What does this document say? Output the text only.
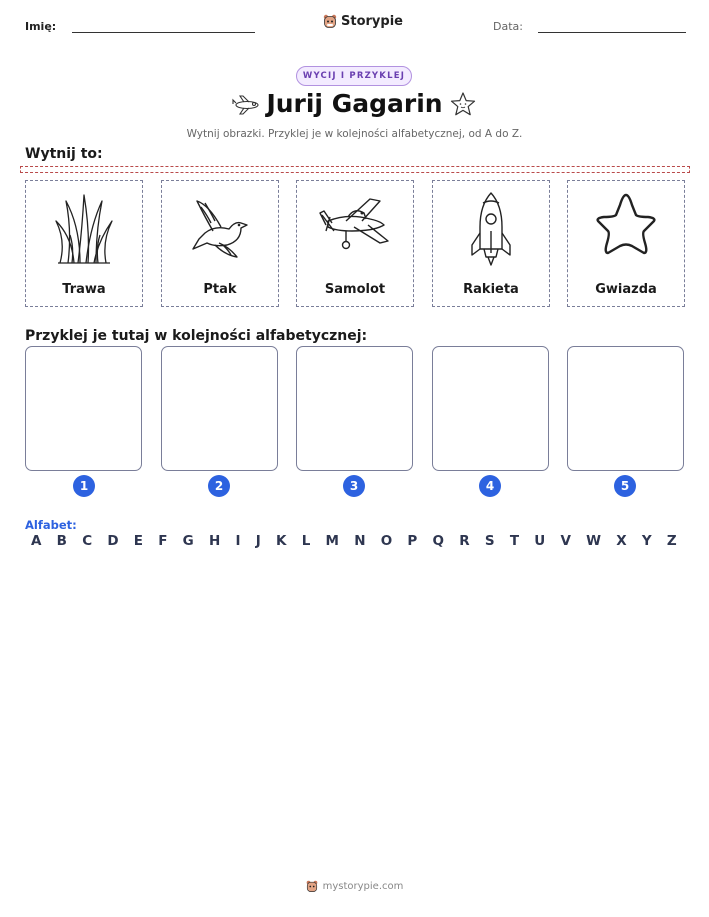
Imię:	Storypie	Data:
WYCIJ I PRZYKLEJ
Jurij Gagarin
Wytnij obrazki. Przyklej je w kolejności alfabetycznej, od A do Z.
Wytnij to:
Trawa	Ptak	Samolot	Rakieta	Gwiazda
Przyklej je tutaj w kolejności alfabetycznej:
1	2	3	4	5
Alfabet:
A B C D E F G H I J K L M N O P Q R S T U V W X Y Z
mystorypie.com
